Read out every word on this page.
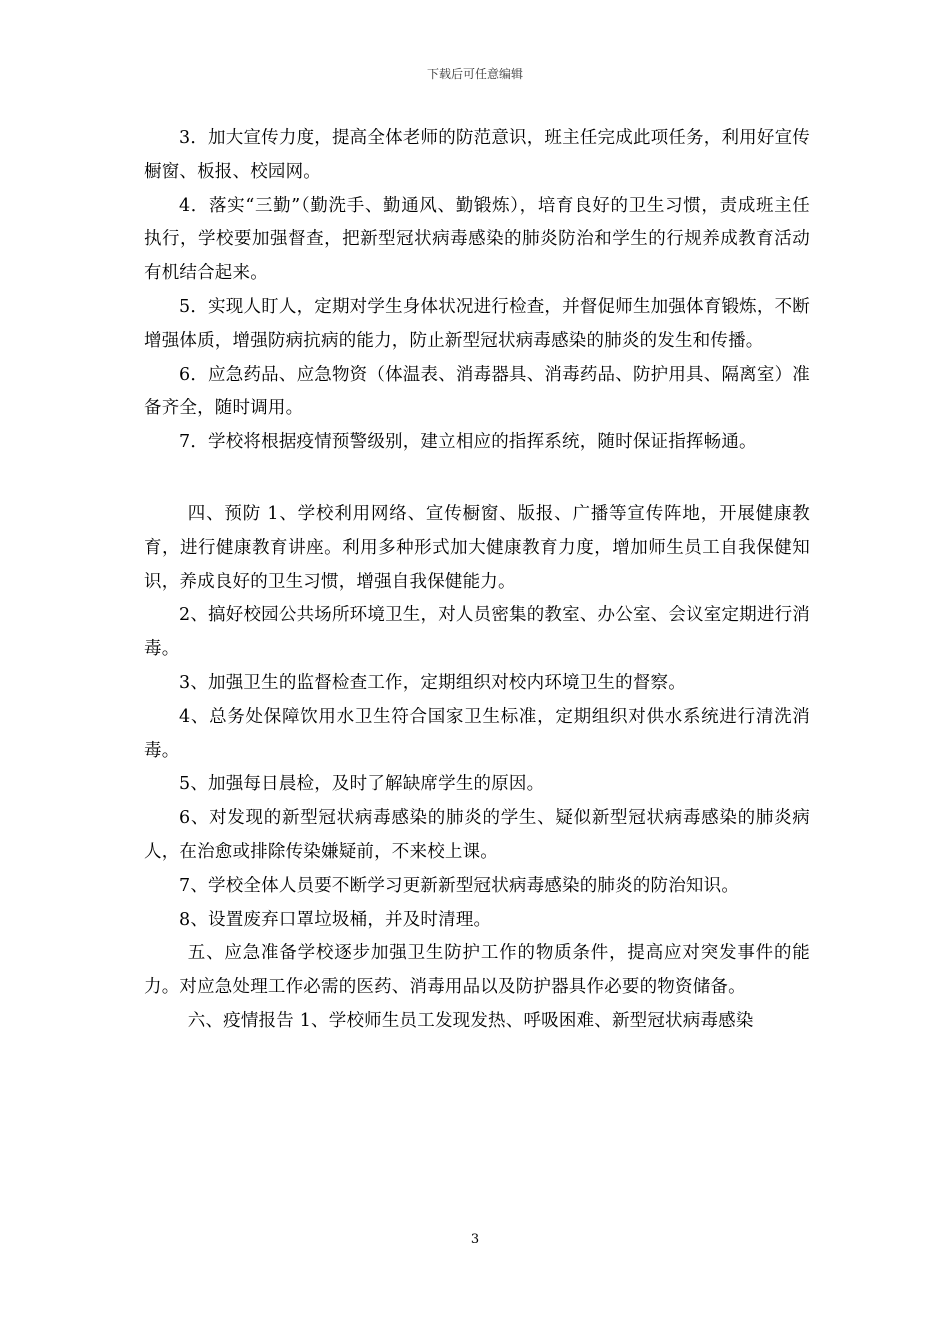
下载后可任意编辑

3．加大宣传力度，提高全体老师的防范意识，班主任完成此项任务，利用好宣传橱窗、板报、校园网。

4．落实“三勤”（勤洗手、勤通风、勤锻炼），培育良好的卫生习惯，责成班主任执行，学校要加强督查，把新型冠状病毒感染的肺炎防治和学生的行规养成教育活动有机结合起来。

5．实现人盯人，定期对学生身体状况进行检查，并督促师生加强体育锻炼，不断增强体质，增强防病抗病的能力，防止新型冠状病毒感染的肺炎的发生和传播。

6．应急药品、应急物资（体温表、消毒器具、消毒药品、防护用具、隔离室）准备齐全，随时调用。

7．学校将根据疫情预警级别，建立相应的指挥系统，随时保证指挥畅通。

四、预防 1、学校利用网络、宣传橱窗、版报、广播等宣传阵地，开展健康教育，进行健康教育讲座。利用多种形式加大健康教育力度，增加师生员工自我保健知识，养成良好的卫生习惯，增强自我保健能力。

2、搞好校园公共场所环境卫生，对人员密集的教室、办公室、会议室定期进行消毒。

3、加强卫生的监督检查工作，定期组织对校内环境卫生的督察。

4、总务处保障饮用水卫生符合国家卫生标准，定期组织对供水系统进行清洗消毒。

5、加强每日晨检，及时了解缺席学生的原因。

6、对发现的新型冠状病毒感染的肺炎的学生、疑似新型冠状病毒感染的肺炎病人，在治愈或排除传染嫌疑前，不来校上课。

7、学校全体人员要不断学习更新新型冠状病毒感染的肺炎的防治知识。

8、设置废弃口罩垃圾桶，并及时清理。

五、应急准备学校逐步加强卫生防护工作的物质条件，提高应对突发事件的能力。对应急处理工作必需的医药、消毒用品以及防护器具作必要的物资储备。

六、疫情报告 1、学校师生员工发现发热、呼吸困难、新型冠状病毒感染

3
